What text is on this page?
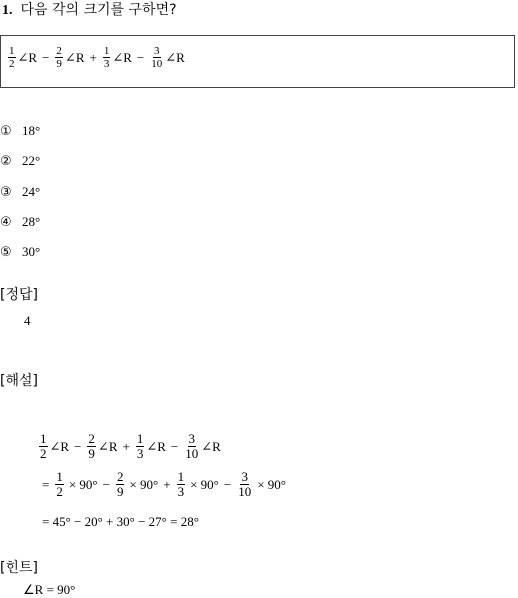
1. 다음 각의 크기를 구하면?
$\frac{1}{2}$ ∠R − $\frac{2}{9}$ ∠R + $\frac{1}{3}$ ∠R − $\frac{3}{10}$ ∠R
① 18°
② 22°
③ 24°
④ 28°
⑤ 30°
[정답]
4
[해설]
$\frac{1}{2}$ ∠R − $\frac{2}{9}$ ∠R + $\frac{1}{3}$ ∠R − $\frac{3}{10}$ ∠R
= $\frac{1}{2} \times 90^\circ - \frac{2}{9} \times 90^\circ + \frac{1}{3} \times 90^\circ - \frac{3}{10} \times 90^\circ$
= 45° − 20° + 30° − 27° = 28°
[힌트]
∠R = 90°
